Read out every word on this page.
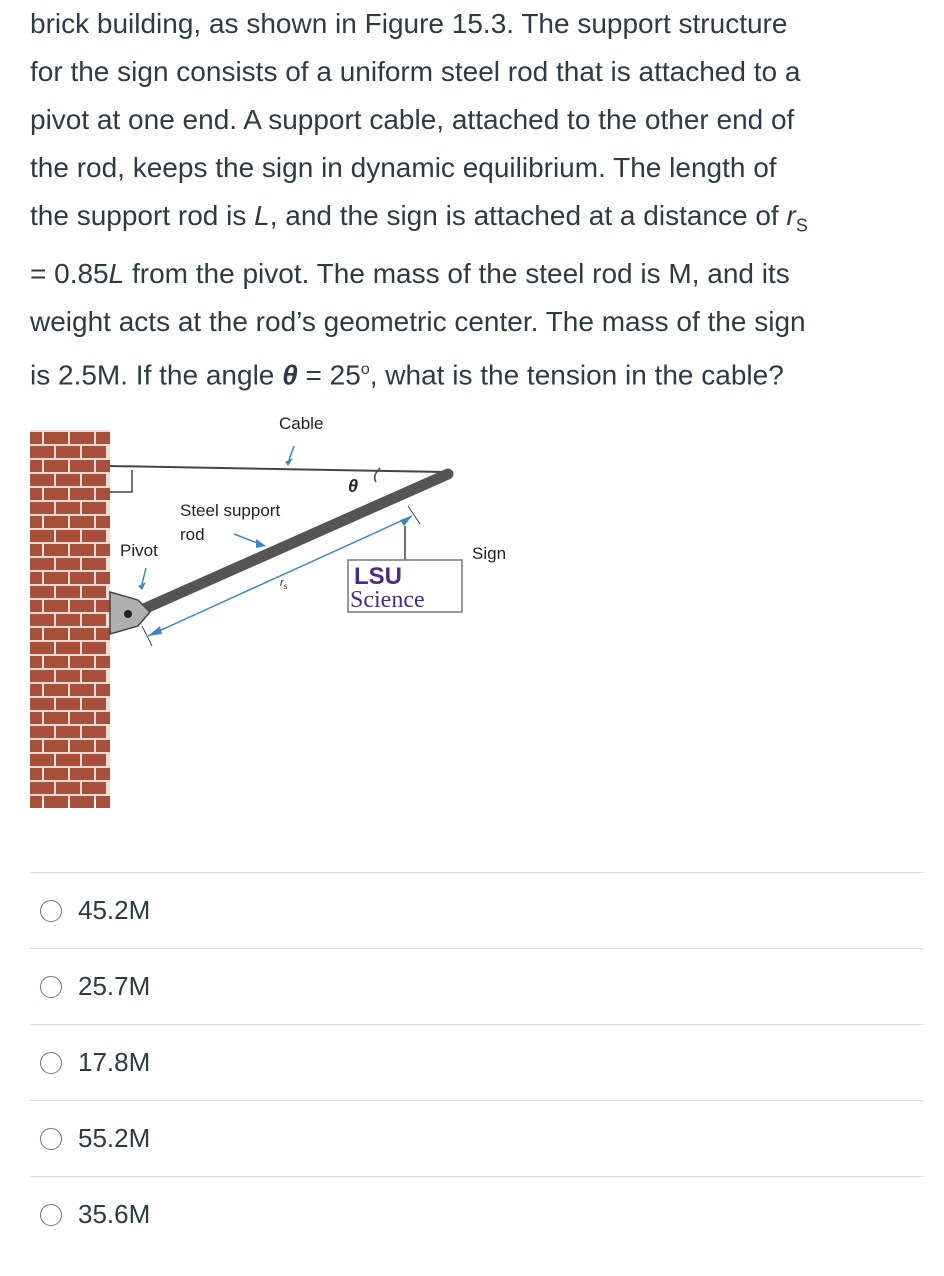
brick building, as shown in Figure 15.3. The support structure

for the sign consists of a uniform steel rod that is attached to a

pivot at one end. A support cable, attached to the other end of

the rod, keeps the sign in dynamic equilibrium. The length of

the support rod is L, and the sign is attached at a distance of $r_S$

= 0.85L from the pivot. The mass of the steel rod is M, and its

weight acts at the rod’s geometric center. The mass of the sign

is 2.5M. If the angle $\theta = 25^o$, what is the tension in the cable?

θ
$r_s$	LSU
Science
Cable
Steel support
rod
Pivot	Sign
45.2M
25.7M
17.8M
55.2M
35.6M
